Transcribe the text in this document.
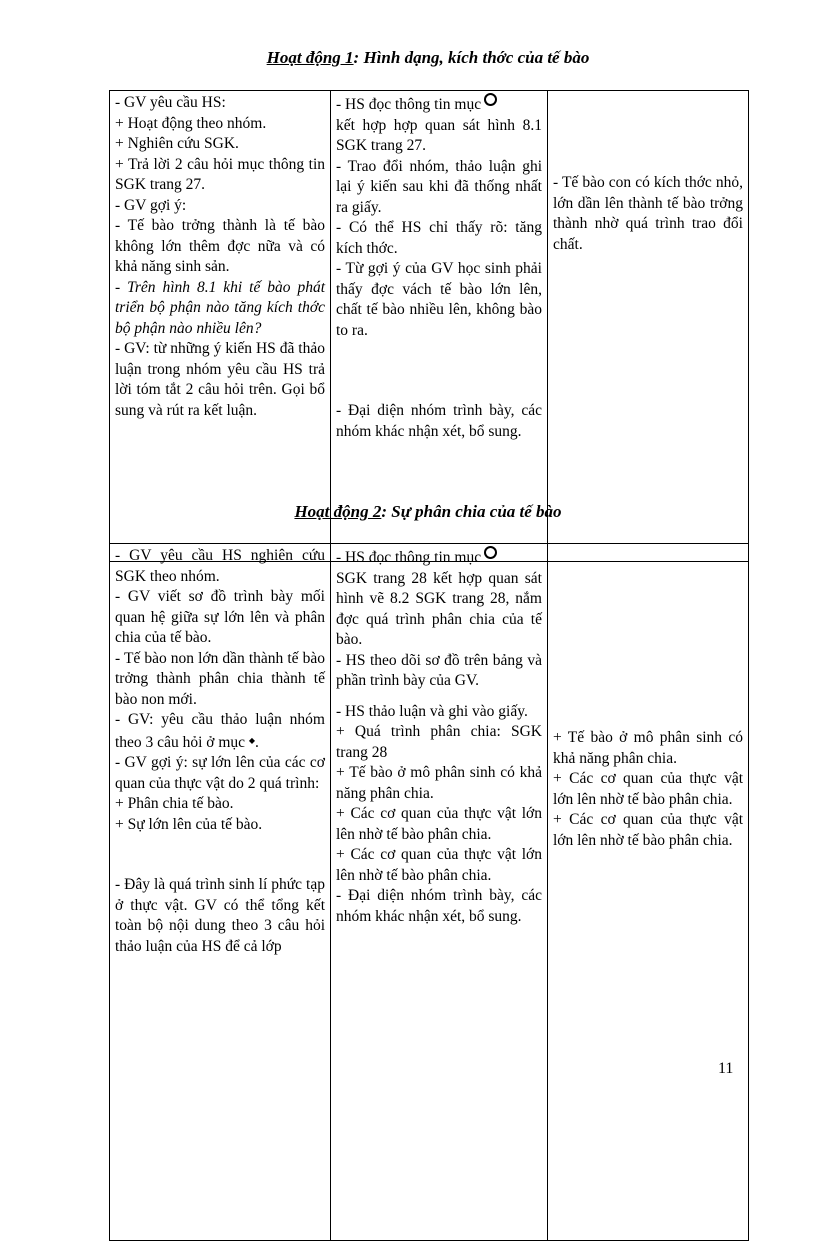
Hoạt động 1: Hình dạng, kích thớc của tế bào
- GV yêu cầu HS:
+ Hoạt động theo nhóm.
+ Nghiên cứu SGK.
+ Trả lời 2 câu hỏi mục thông tin SGK trang 27.
- GV gợi ý:
- Tế bào trởng thành là tế bào không lớn thêm đợc nữa và có khả năng sinh sản.
- Trên hình 8.1 khi tế bào phát triển bộ phận nào tăng kích thớc bộ phận nào nhiều lên?
- GV: từ những ý kiến HS đã thảo luận trong nhóm yêu cầu HS trả lời tóm tắt 2 câu hỏi trên. Gọi bổ sung và rút ra kết luận.

- HS đọc thông tin mục
kết hợp hợp quan sát hình 8.1 SGK trang 27.
- Trao đổi nhóm, thảo luận ghi lại ý kiến sau khi đã thống nhất ra giấy.
- Có thể HS chỉ thấy rõ: tăng kích thớc.
- Từ gợi ý của GV học sinh phải thấy đợc vách tế bào lớn lên, chất tế bào nhiều lên, không bào to ra.
- Đại diện nhóm trình bày, các nhóm khác nhận xét, bổ sung.

- Tế bào con có kích thớc nhỏ, lớn dần lên thành tế bào trởng thành nhờ quá trình trao đổi chất.
Hoạt động 2: Sự phân chia của tế bào
- GV yêu cầu HS nghiên cứu SGK theo nhóm.
- GV viết sơ đồ trình bày mối quan hệ giữa sự lớn lên và phân chia của tế bào.
- Tế bào non lớn dần thành tế bào trởng thành phân chia thành tế bào non mới.
- GV: yêu cầu thảo luận nhóm theo 3 câu hỏi ở mục ◆.
- GV gợi ý: sự lớn lên của các cơ quan của thực vật do 2 quá trình:
+ Phân chia tế bào.
+ Sự lớn lên của tế bào.
- Đây là quá trình sinh lí phức tạp ở thực vật. GV có thể tổng kết toàn bộ nội dung theo 3 câu hỏi thảo luận của HS để cả lớp

- HS đọc thông tin mục
SGK trang 28 kết hợp quan sát hình vẽ 8.2 SGK trang 28, nắm đợc quá trình phân chia của tế bào.
- HS theo dõi sơ đồ trên bảng và phần trình bày của GV.
- HS thảo luận và ghi vào giấy.
+ Quá trình phân chia: SGK trang 28
+ Tế bào ở mô phân sinh có khả năng phân chia.
+ Các cơ quan của thực vật lớn lên nhờ tế bào phân chia.
+ Các cơ quan của thực vật lớn lên nhờ tế bào phân chia.
- Đại diện nhóm trình bày, các nhóm khác nhận xét, bổ sung.

+ Tế bào ở mô phân sinh có khả năng phân chia.
+ Các cơ quan của thực vật lớn lên nhờ tế bào phân chia.
+ Các cơ quan của thực vật lớn lên nhờ tế bào phân chia.
11
